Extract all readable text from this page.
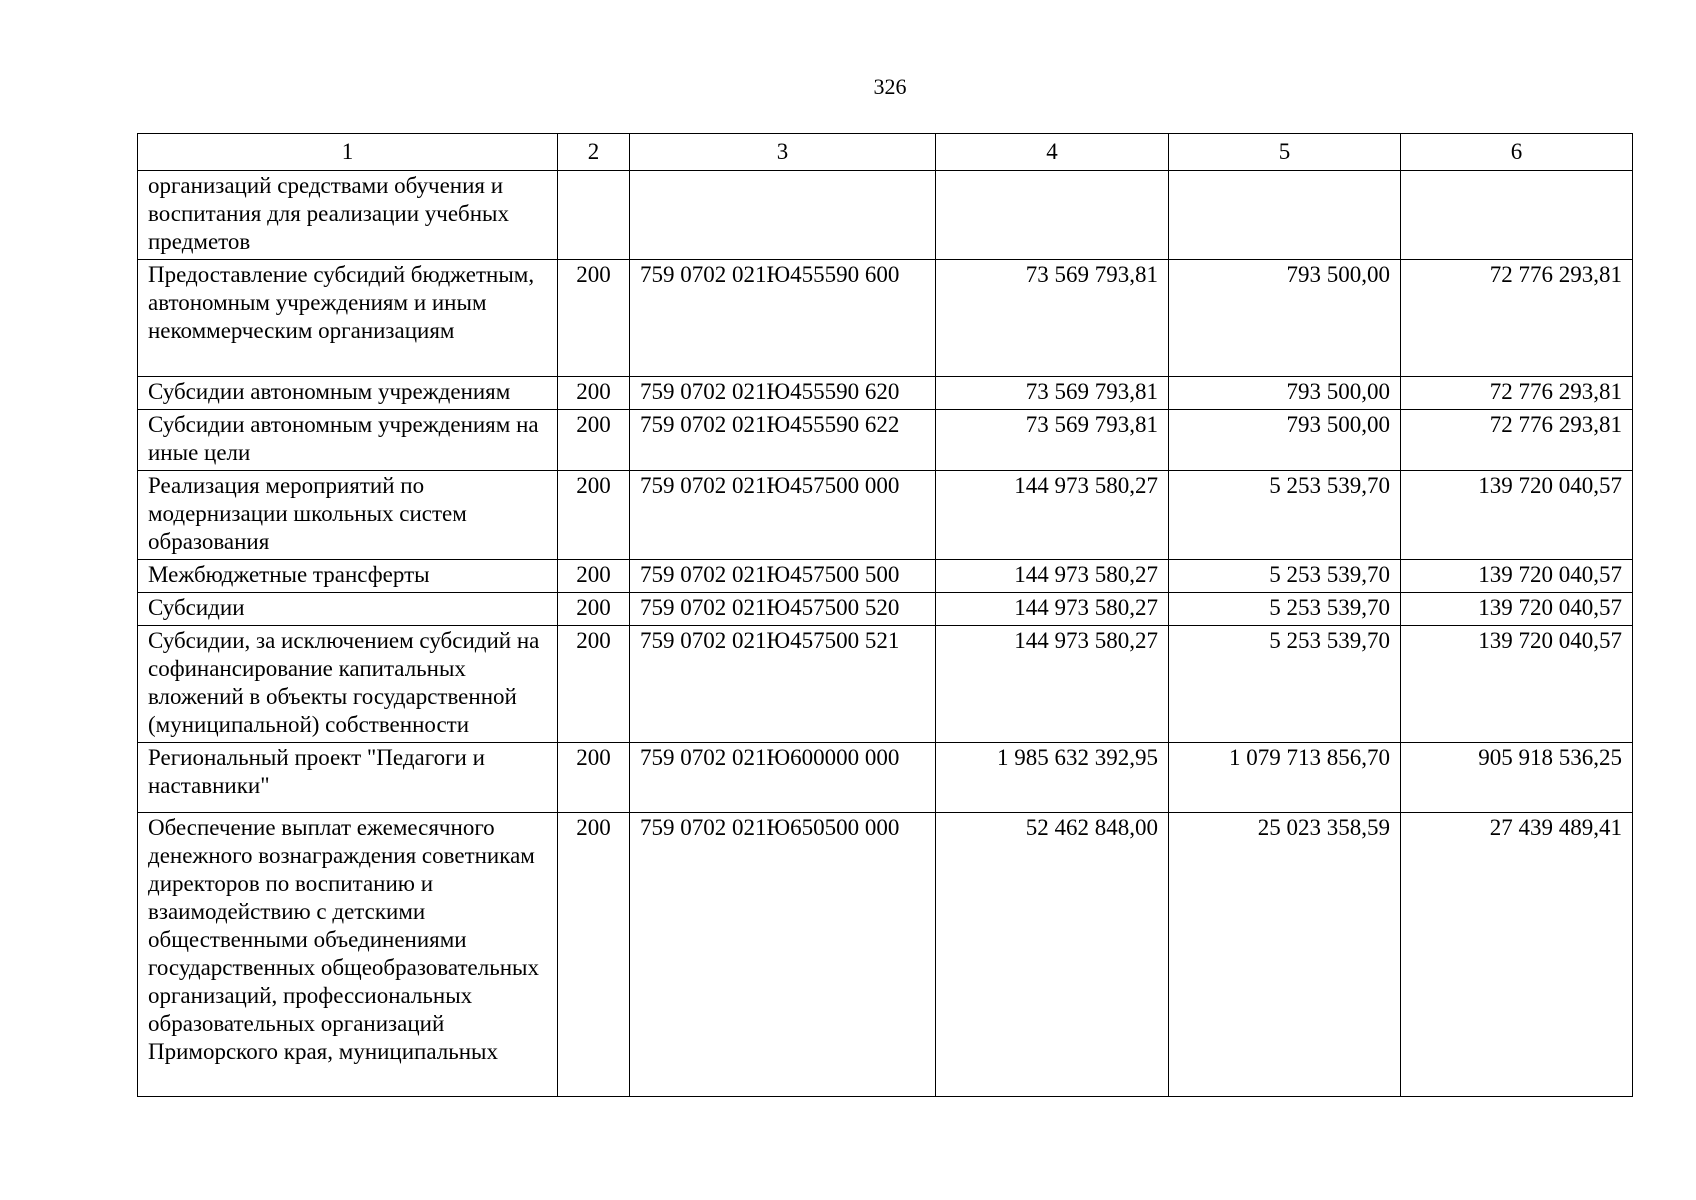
326
1	2	3	4	5	6
организаций средствами обучения и воспитания для реализации учебных предметов					
Предоставление субсидий бюджетным, автономным учреждениям и иным некоммерческим организациям	200	759 0702 021Ю455590 600	73 569 793,81	793 500,00	72 776 293,81
Субсидии автономным учреждениям	200	759 0702 021Ю455590 620	73 569 793,81	793 500,00	72 776 293,81
Субсидии автономным учреждениям на иные цели	200	759 0702 021Ю455590 622	73 569 793,81	793 500,00	72 776 293,81
Реализация мероприятий по модернизации школьных систем образования	200	759 0702 021Ю457500 000	144 973 580,27	5 253 539,70	139 720 040,57
Межбюджетные трансферты	200	759 0702 021Ю457500 500	144 973 580,27	5 253 539,70	139 720 040,57
Субсидии	200	759 0702 021Ю457500 520	144 973 580,27	5 253 539,70	139 720 040,57
Субсидии, за исключением субсидий на софинансирование капитальных вложений в объекты государственной (муниципальной) собственности	200	759 0702 021Ю457500 521	144 973 580,27	5 253 539,70	139 720 040,57
Региональный проект "Педагоги и наставники"	200	759 0702 021Ю600000 000	1 985 632 392,95	1 079 713 856,70	905 918 536,25
Обеспечение выплат ежемесячного денежного вознаграждения советникам директоров по воспитанию и взаимодействию с детскими общественными объединениями государственных общеобразовательных организаций, профессиональных образовательных организаций Приморского края, муниципальных	200	759 0702 021Ю650500 000	52 462 848,00	25 023 358,59	27 439 489,41
